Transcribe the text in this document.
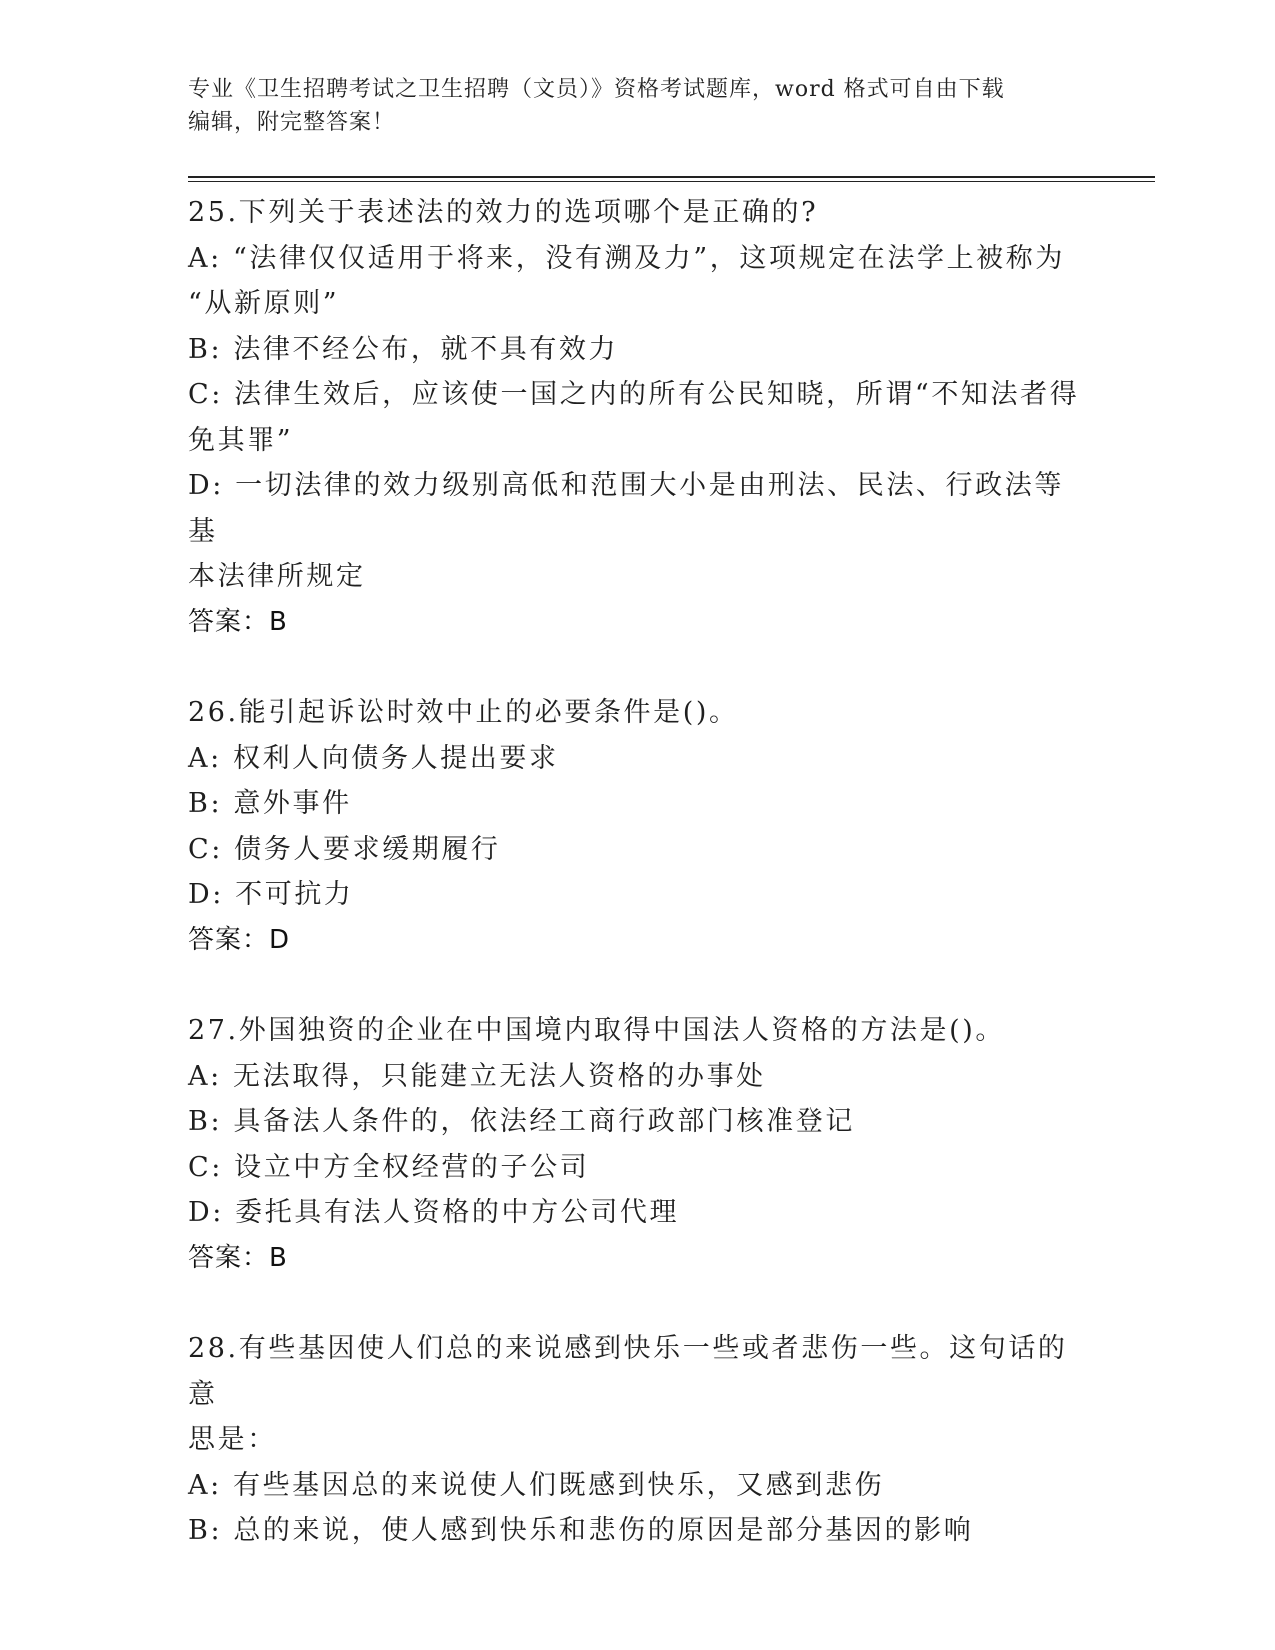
专业《卫生招聘考试之卫生招聘（文员）》资格考试题库，word 格式可自由下载
编辑，附完整答案！

25.下列关于表述法的效力的选项哪个是正确的?

A: “法律仅仅适用于将来，没有溯及力”，这项规定在法学上被称为

“从新原则”

B: 法律不经公布，就不具有效力

C: 法律生效后，应该使一国之内的所有公民知晓，所谓“不知法者得

免其罪”

D: 一切法律的效力级别高低和范围大小是由刑法、民法、行政法等基

本法律所规定

答案：B

26.能引起诉讼时效中止的必要条件是()。

A: 权利人向债务人提出要求

B: 意外事件

C: 债务人要求缓期履行

D: 不可抗力

答案：D

27.外国独资的企业在中国境内取得中国法人资格的方法是()。

A: 无法取得，只能建立无法人资格的办事处

B: 具备法人条件的，依法经工商行政部门核准登记

C: 设立中方全权经营的子公司

D: 委托具有法人资格的中方公司代理

答案：B

28.有些基因使人们总的来说感到快乐一些或者悲伤一些。这句话的意

思是：

A: 有些基因总的来说使人们既感到快乐，又感到悲伤

B: 总的来说，使人感到快乐和悲伤的原因是部分基因的影响
